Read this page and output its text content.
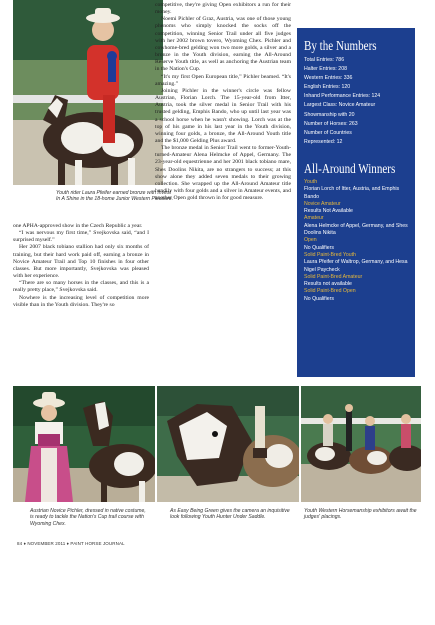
Youth rider Laura Pfeifer earned bronze with Invest In A Shine in the 18-home Junior Western Pleasure.

one APHA-approved show in the Czech Republic a year.

“I was nervous my first time,” Svejkovska said, “and I surprised myself.”

Her 2007 black tobiano stallion had only six months of training, but their hard work paid off, earning a bronze in Novice Amateur Trail and Top 10 finishes in four other classes. But more importantly, Svejkovska was pleased with her experience.

“There are so many horses in the classes, and this is a really pretty place,” Svejkovska said.

Nowhere is the increasing level of competition more visible than in the Youth division. They're so

competitive, they're giving Open exhibitors a run for their money.

Noemi Pichler of Graz, Austria, was one of those young phenoms who simply knocked the socks off the competition, winning Senior Trail under all five judges with her 2002 brown tovero, Wyoming Chex. Pichler and cowhome-bred gelding won two more golds, a silver and a bronze in the Youth division, earning the All-Around Reserve Youth title, as well as anchoring the Austrian team in the Nation's Cup.

“It's my first Open European title,” Pichler beamed. “It's amazing.”

Joining Pichler in the winner's circle was fellow Austrian, Florian Lorch. The 15-year-old from Itter, Austria, took the silver medal in Senior Trail with his trusted gelding, Emphis Bando, who up until last year was a school horse when he wasn't showing. Lorch was at the top of his game in his last year in the Youth division, winning four golds, a bronze, the All-Around Youth title and the $1,000 Gelding Plus award.

The bronze medal in Senior Trail went to former-Youth-turned-Amateur Alena Helmcke of Appel, Germany. The 23-year-old equestrienne and her 2001 black tobiano mare, Shes Doolins Nikita, are no strangers to success; at this show alone they added seven medals to their growing collection. She wrapped up the All-Around Amateur title handily with four golds and a silver in Amateur events, and another Open gold thrown in for good measure.

By the Numbers
Total Entries: 786
Halter Entries: 208
Western Entries: 336
English Entries: 120
Inhand Performance Entries: 124
Largest Class: Novice Amateur
Showmanship with 20
Number of Horses: 263
Number of Countries
Represented: 12
All-Around Winners
Youth
Florian Lorch of Itter, Austria, and Emphis Bando
Novice Amateur
Results Not Available
Amateur
Alena Helmcke of Appel, Germany, and Shes Doolins Nikita
Open
No Qualifiers
Solid Paint-Bred Youth
Laura Pfeifer of Waltrop, Germany, and Hesa Nigel Paycheck
Solid Paint-Bred Amateur
Results not available
Solid Paint-Bred Open
No Qualifiers
Austrian Novice Pichler, dressed in native costume, is ready to tackle the Nation's Cup trail course with Wyoming Chex.
As Easy Being Green gives the camera an inquisitive look following Youth Hunter Under Saddle.
Youth Western Horsemanship exhibitors await the judges' placings.
84 ♦ NOVEMBER 2011 ♦ PAINT HORSE JOURNAL
